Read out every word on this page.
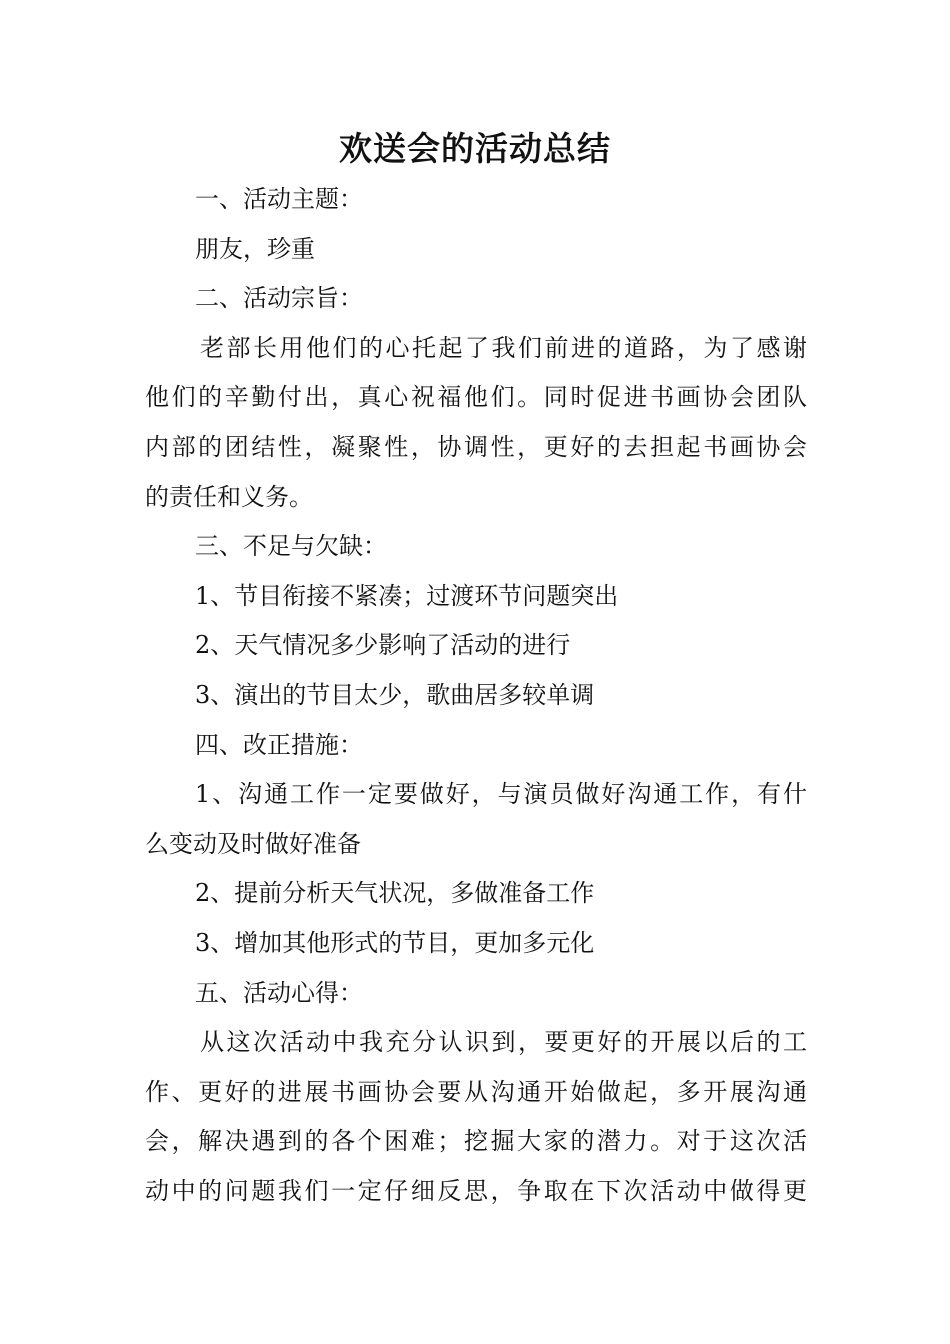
欢送会的活动总结
一、活动主题：
朋友，珍重
二、活动宗旨：
老部长用他们的心托起了我们前进的道路，为了感谢
他们的辛勤付出，真心祝福他们。同时促进书画协会团队
内部的团结性，凝聚性，协调性，更好的去担起书画协会
的责任和义务。
三、不足与欠缺：
1、节目衔接不紧凑；过渡环节问题突出
2、天气情况多少影响了活动的进行
3、演出的节目太少，歌曲居多较单调
四、改正措施：
1、沟通工作一定要做好，与演员做好沟通工作，有什
么变动及时做好准备
2、提前分析天气状况，多做准备工作
3、增加其他形式的节目，更加多元化
五、活动心得：
从这次活动中我充分认识到，要更好的开展以后的工
作、更好的进展书画协会要从沟通开始做起，多开展沟通
会，解决遇到的各个困难；挖掘大家的潜力。对于这次活
动中的问题我们一定仔细反思，争取在下次活动中做得更
